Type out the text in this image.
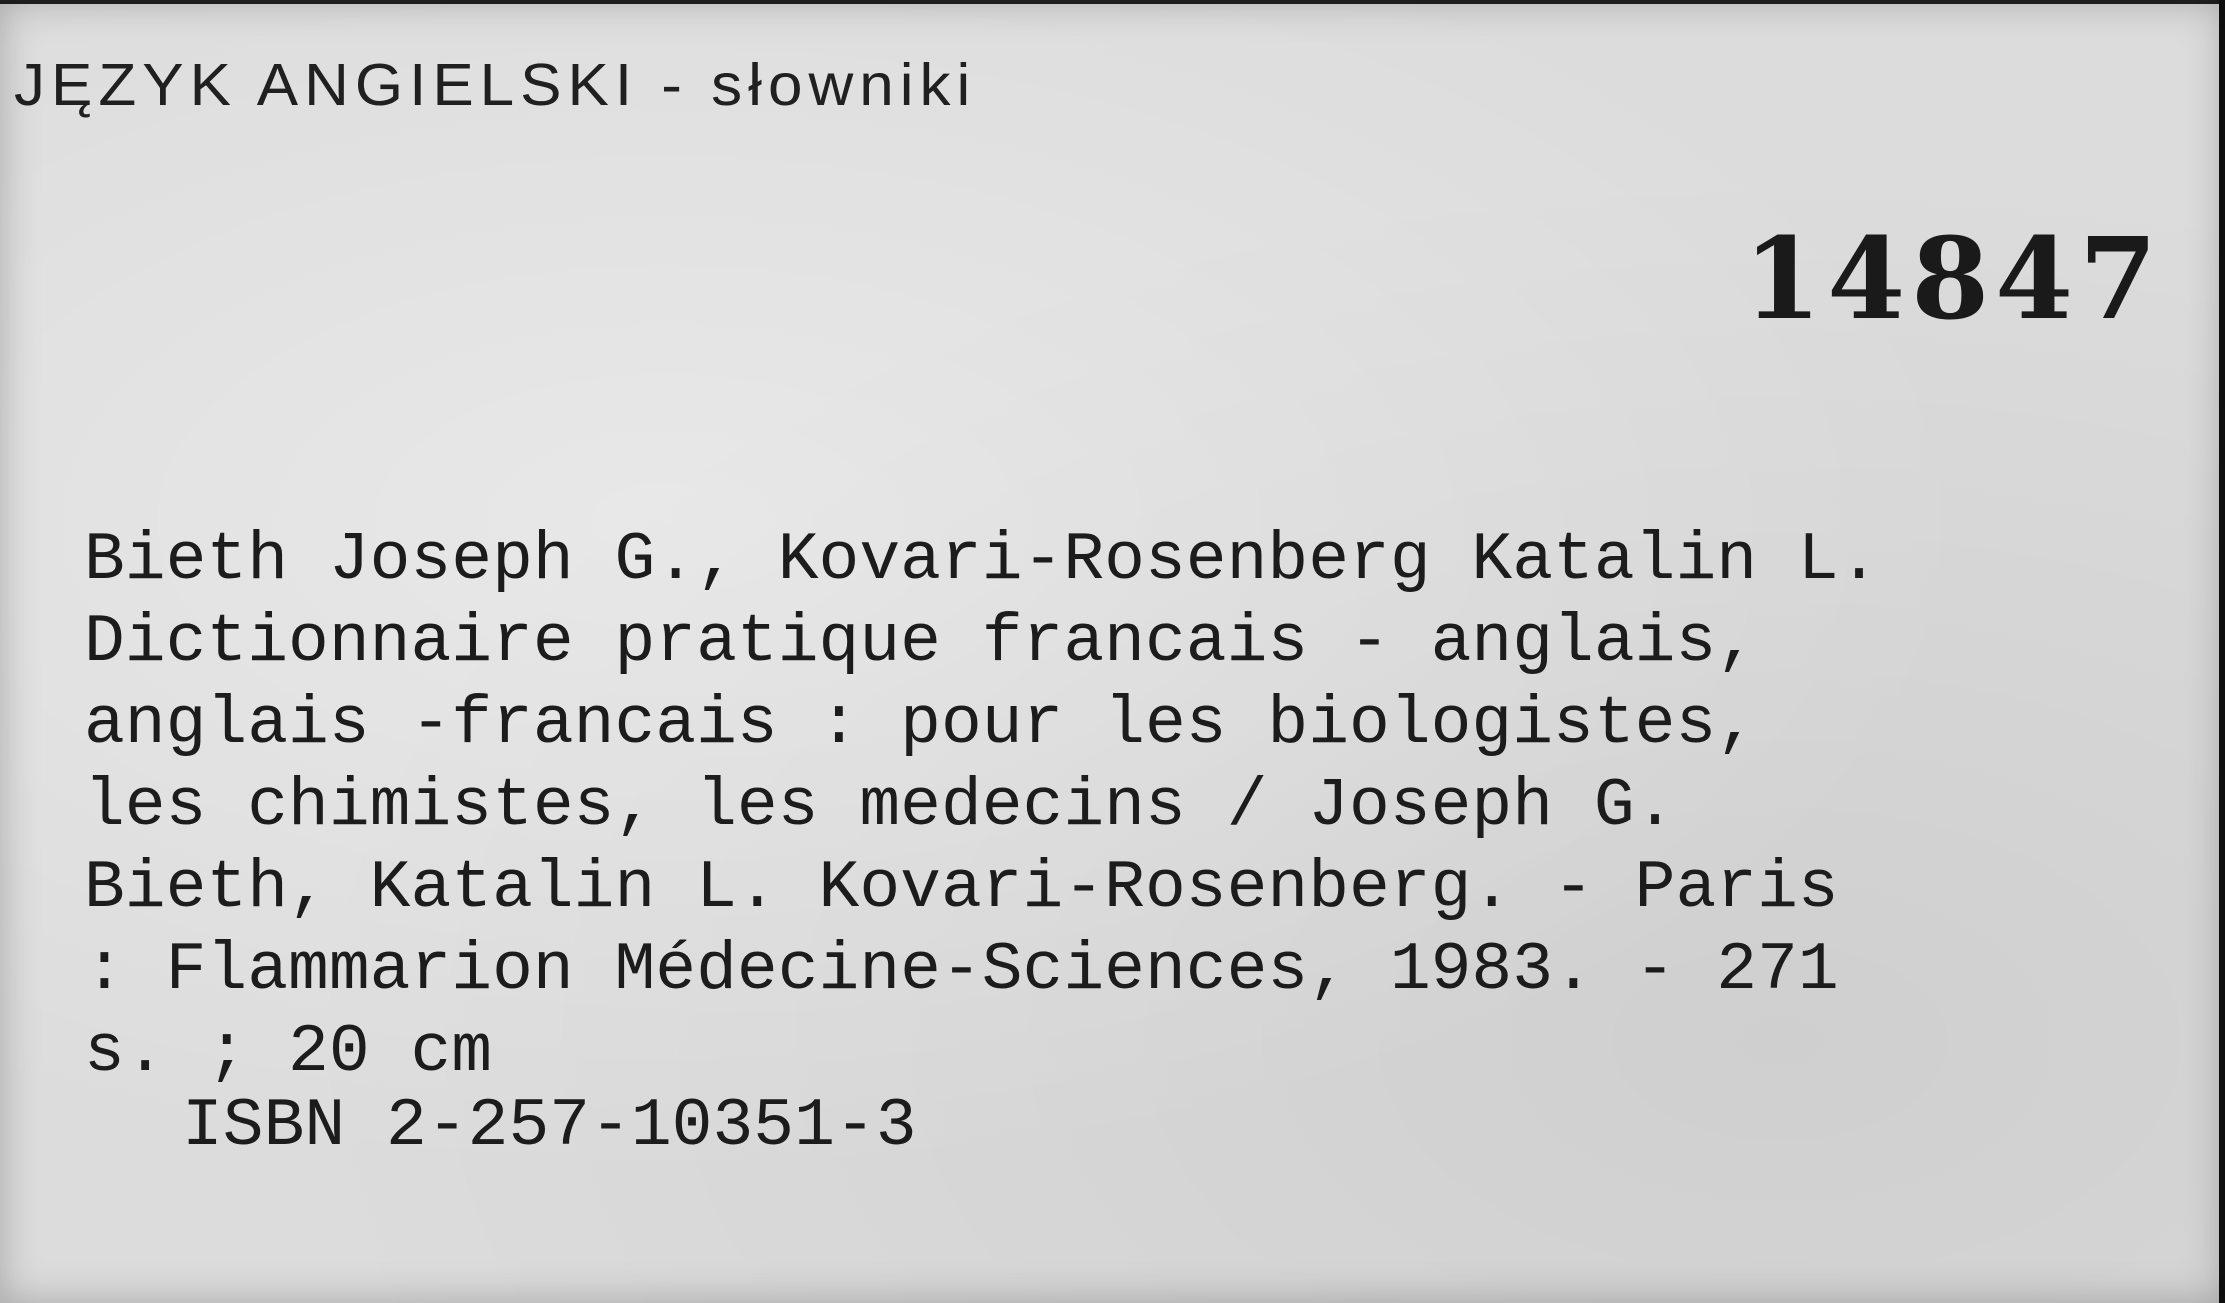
JĘZYK ANGIELSKI - słowniki
14847
Bieth Joseph G., Kovari-Rosenberg Katalin L.
Dictionnaire pratique francais - anglais,
anglais -francais : pour les biologistes,
les chimistes, les medecins / Joseph G.
Bieth, Katalin L. Kovari-Rosenberg. - Paris
: Flammarion Médecine-Sciences, 1983. - 271
s. ; 20 cm
ISBN 2-257-10351-3
